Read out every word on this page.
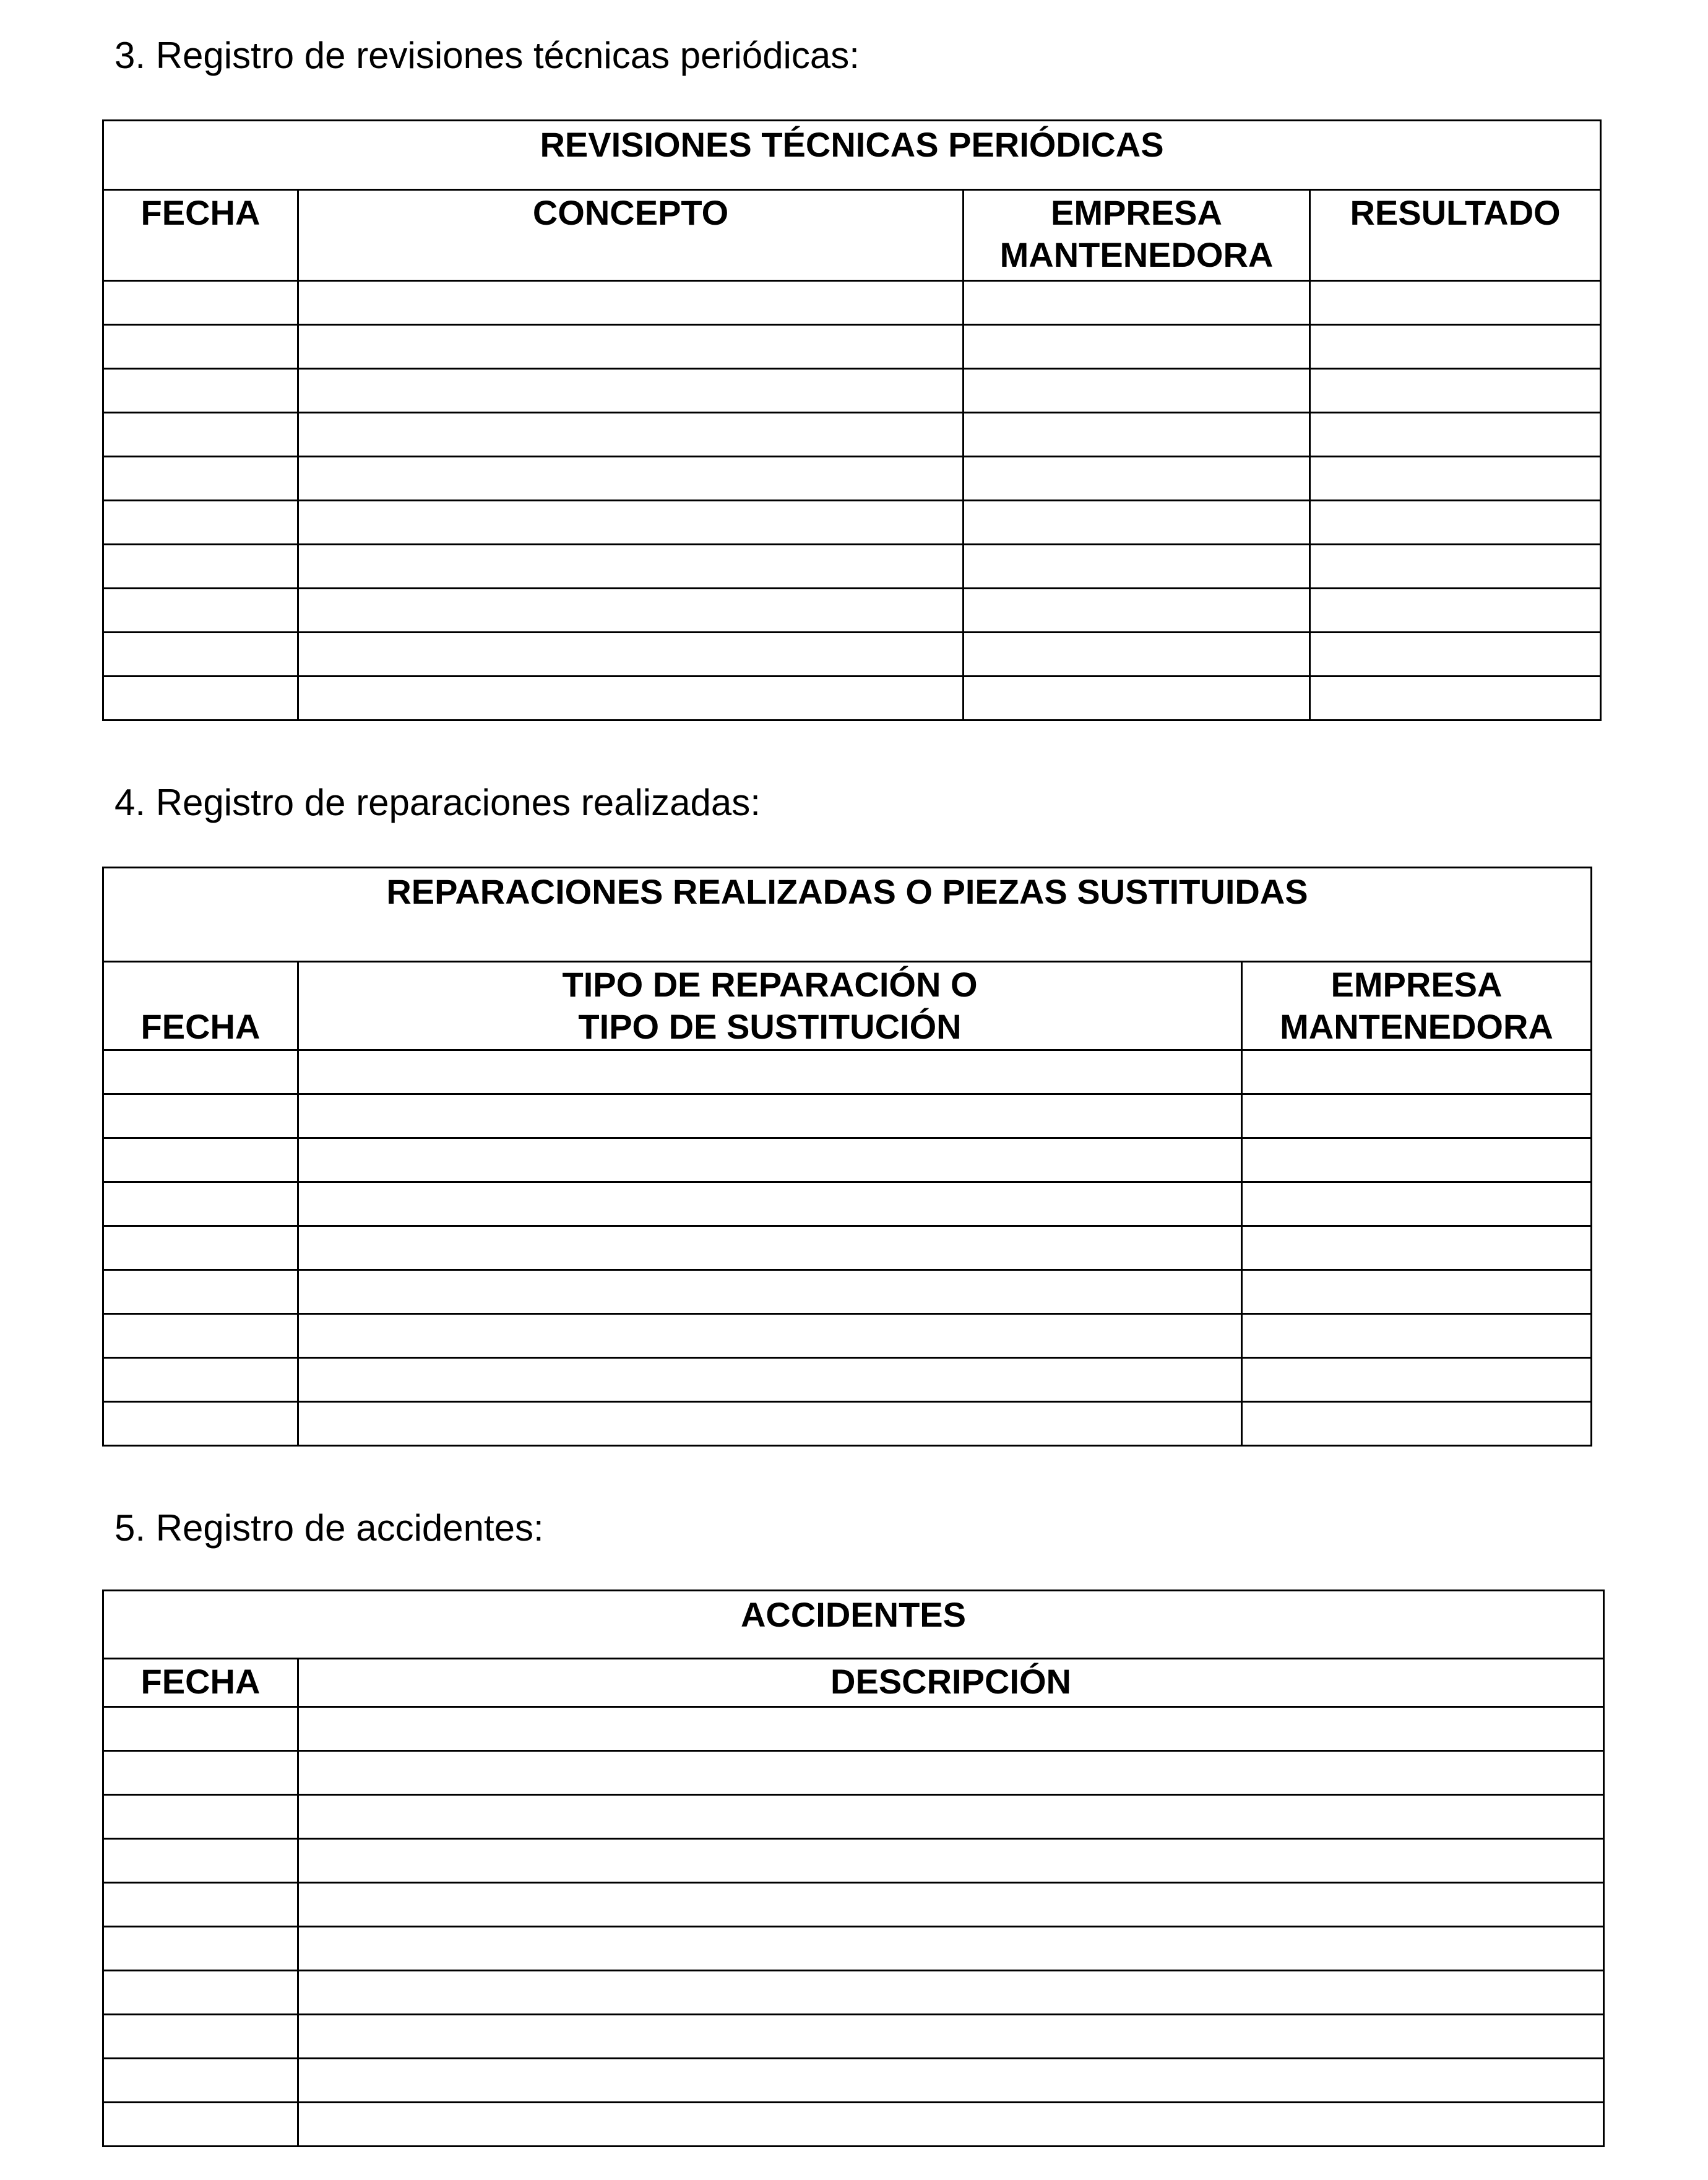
3. Registro de revisiones técnicas periódicas:
REVISIONES TÉCNICAS PERIÓDICAS			
FECHA	CONCEPTO	EMPRESA MANTENEDORA	RESULTADO

4. Registro de reparaciones realizadas:
REPARACIONES REALIZADAS O PIEZAS SUSTITUIDAS		
FECHA	TIPO DE REPARACIÓN O TIPO DE SUSTITUCIÓN	EMPRESA MANTENEDORA

5. Registro de accidentes:
ACCIDENTES	
FECHA	DESCRIPCIÓN
